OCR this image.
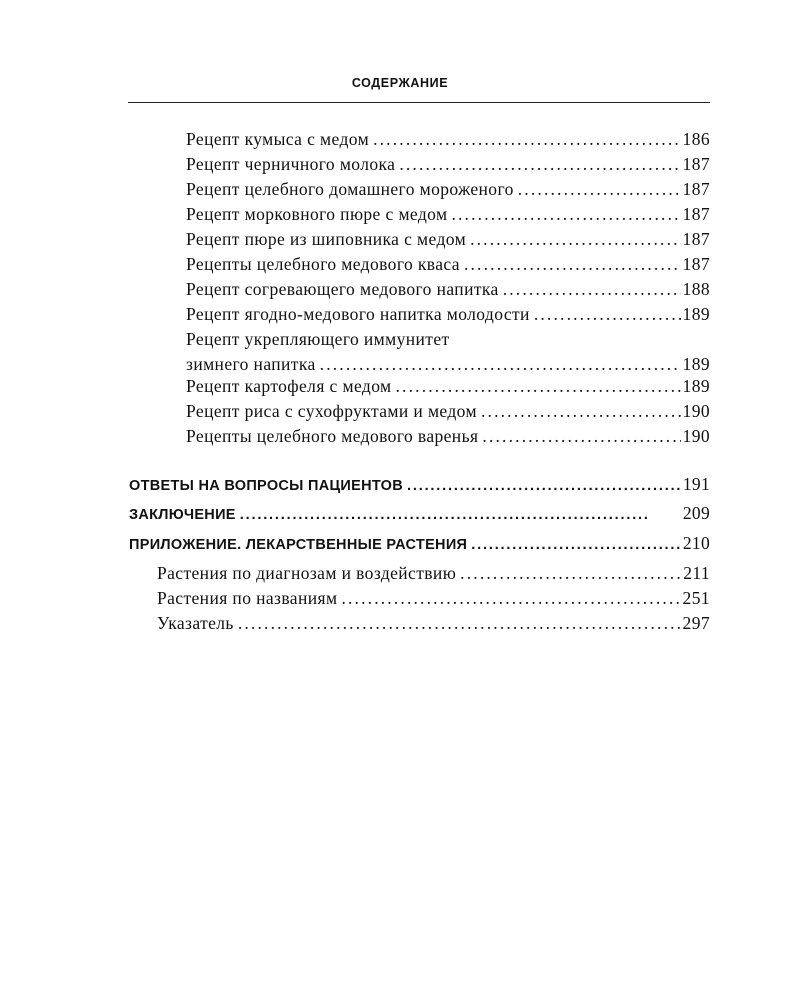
СОДЕРЖАНИЕ
Рецепт кумыса с медом . . .	186
Рецепт черничного молока . . .	187
Рецепт целебного домашнего мороженого . . .	187
Рецепт морковного пюре с медом . . .	187
Рецепт пюре из шиповника с медом . . .	187
Рецепты целебного медового кваса . . .	187
Рецепт согревающего медового напитка . . .	188
Рецепт ягодно-медового напитка молодости . . .	189
Рецепт укрепляющего иммунитет
зимнего напитка . . .	189
Рецепт картофеля с медом . . .	189
Рецепт риса с сухофруктами и медом . . .	190
Рецепты целебного медового варенья . . .	190
ОТВЕТЫ НА ВОПРОСЫ ПАЦИЕНТОВ . . .	191
ЗАКЛЮЧЕНИЕ . . .	209
ПРИЛОЖЕНИЕ. ЛЕКАРСТВЕННЫЕ РАСТЕНИЯ . . .	210
Растения по диагнозам и воздействию . . .	211
Растения по названиям . . .	251
Указатель . . .	297
